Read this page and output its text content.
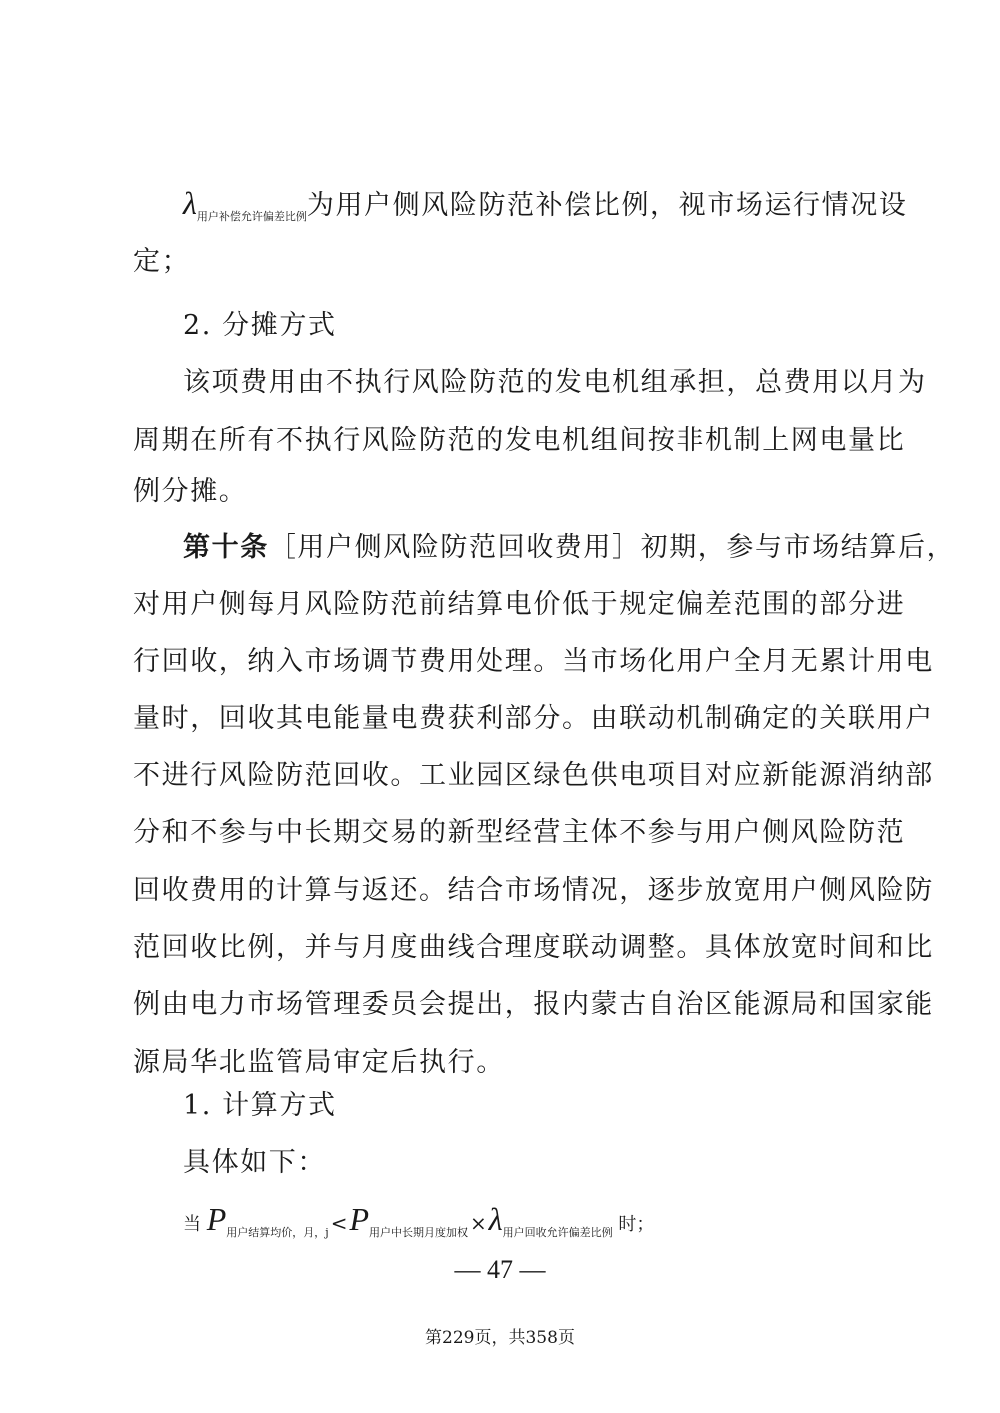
$\lambda_{用户补偿允许偏差比例}$为用户侧风险防范补偿比例，视市场运行情况设
定；
2. 分摊方式
该项费用由不执行风险防范的发电机组承担，总费用以月为
周期在所有不执行风险防范的发电机组间按非机制上网电量比
例分摊。
第十条［用户侧风险防范回收费用］初期，参与市场结算后，
对用户侧每月风险防范前结算电价低于规定偏差范围的部分进
行回收，纳入市场调节费用处理。当市场化用户全月无累计用电
量时，回收其电能量电费获利部分。由联动机制确定的关联用户
不进行风险防范回收。工业园区绿色供电项目对应新能源消纳部
分和不参与中长期交易的新型经营主体不参与用户侧风险防范
回收费用的计算与返还。结合市场情况，逐步放宽用户侧风险防
范回收比例，并与月度曲线合理度联动调整。具体放宽时间和比
例由电力市场管理委员会提出，报内蒙古自治区能源局和国家能
源局华北监管局审定后执行。
1. 计算方式
具体如下：
当 $P_{用户结算均价,月,j} <P_{用户中长期月度加权} \times\lambda_{用户回收允许偏差比例}$ 时；
— 47 —
第229页，共358页
